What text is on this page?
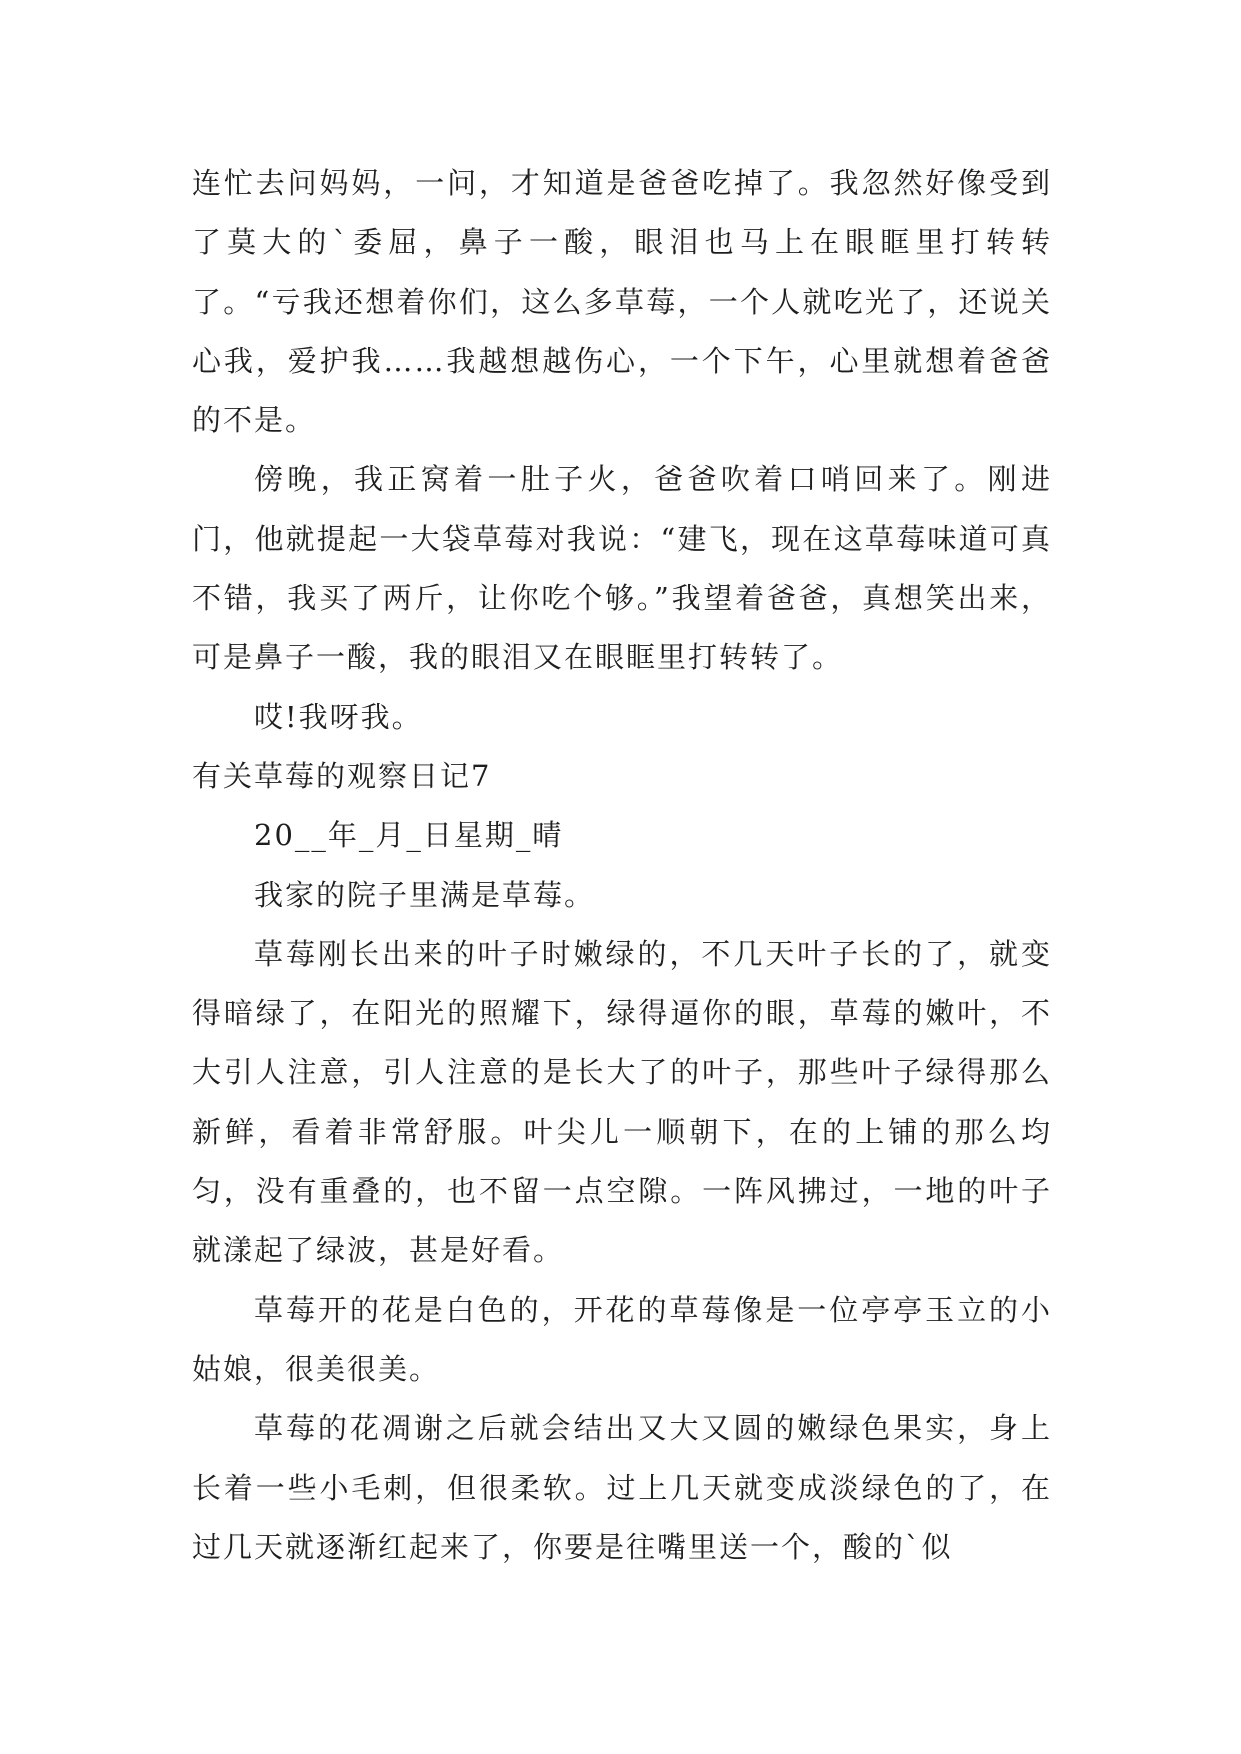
连忙去问妈妈，一问，才知道是爸爸吃掉了。我忽然好像受到了莫大的`委屈，鼻子一酸，眼泪也马上在眼眶里打转转了。“亏我还想着你们，这么多草莓，一个人就吃光了，还说关心我，爱护我……我越想越伤心，一个下午，心里就想着爸爸的不是。

傍晚，我正窝着一肚子火，爸爸吹着口哨回来了。刚进门，他就提起一大袋草莓对我说：“建飞，现在这草莓味道可真不错，我买了两斤，让你吃个够。”我望着爸爸，真想笑出来，可是鼻子一酸，我的眼泪又在眼眶里打转转了。

哎!我呀我。

有关草莓的观察日记7

20__年_月_日星期_晴

我家的院子里满是草莓。

草莓刚长出来的叶子时嫩绿的，不几天叶子长的了，就变得暗绿了，在阳光的照耀下，绿得逼你的眼，草莓的嫩叶，不大引人注意，引人注意的是长大了的叶子，那些叶子绿得那么新鲜，看着非常舒服。叶尖儿一顺朝下，在的上铺的那么均匀，没有重叠的，也不留一点空隙。一阵风拂过，一地的叶子就漾起了绿波，甚是好看。

草莓开的花是白色的，开花的草莓像是一位亭亭玉立的小姑娘，很美很美。

草莓的花凋谢之后就会结出又大又圆的嫩绿色果实，身上长着一些小毛刺，但很柔软。过上几天就变成淡绿色的了，在过几天就逐渐红起来了，你要是往嘴里送一个，酸的`似
